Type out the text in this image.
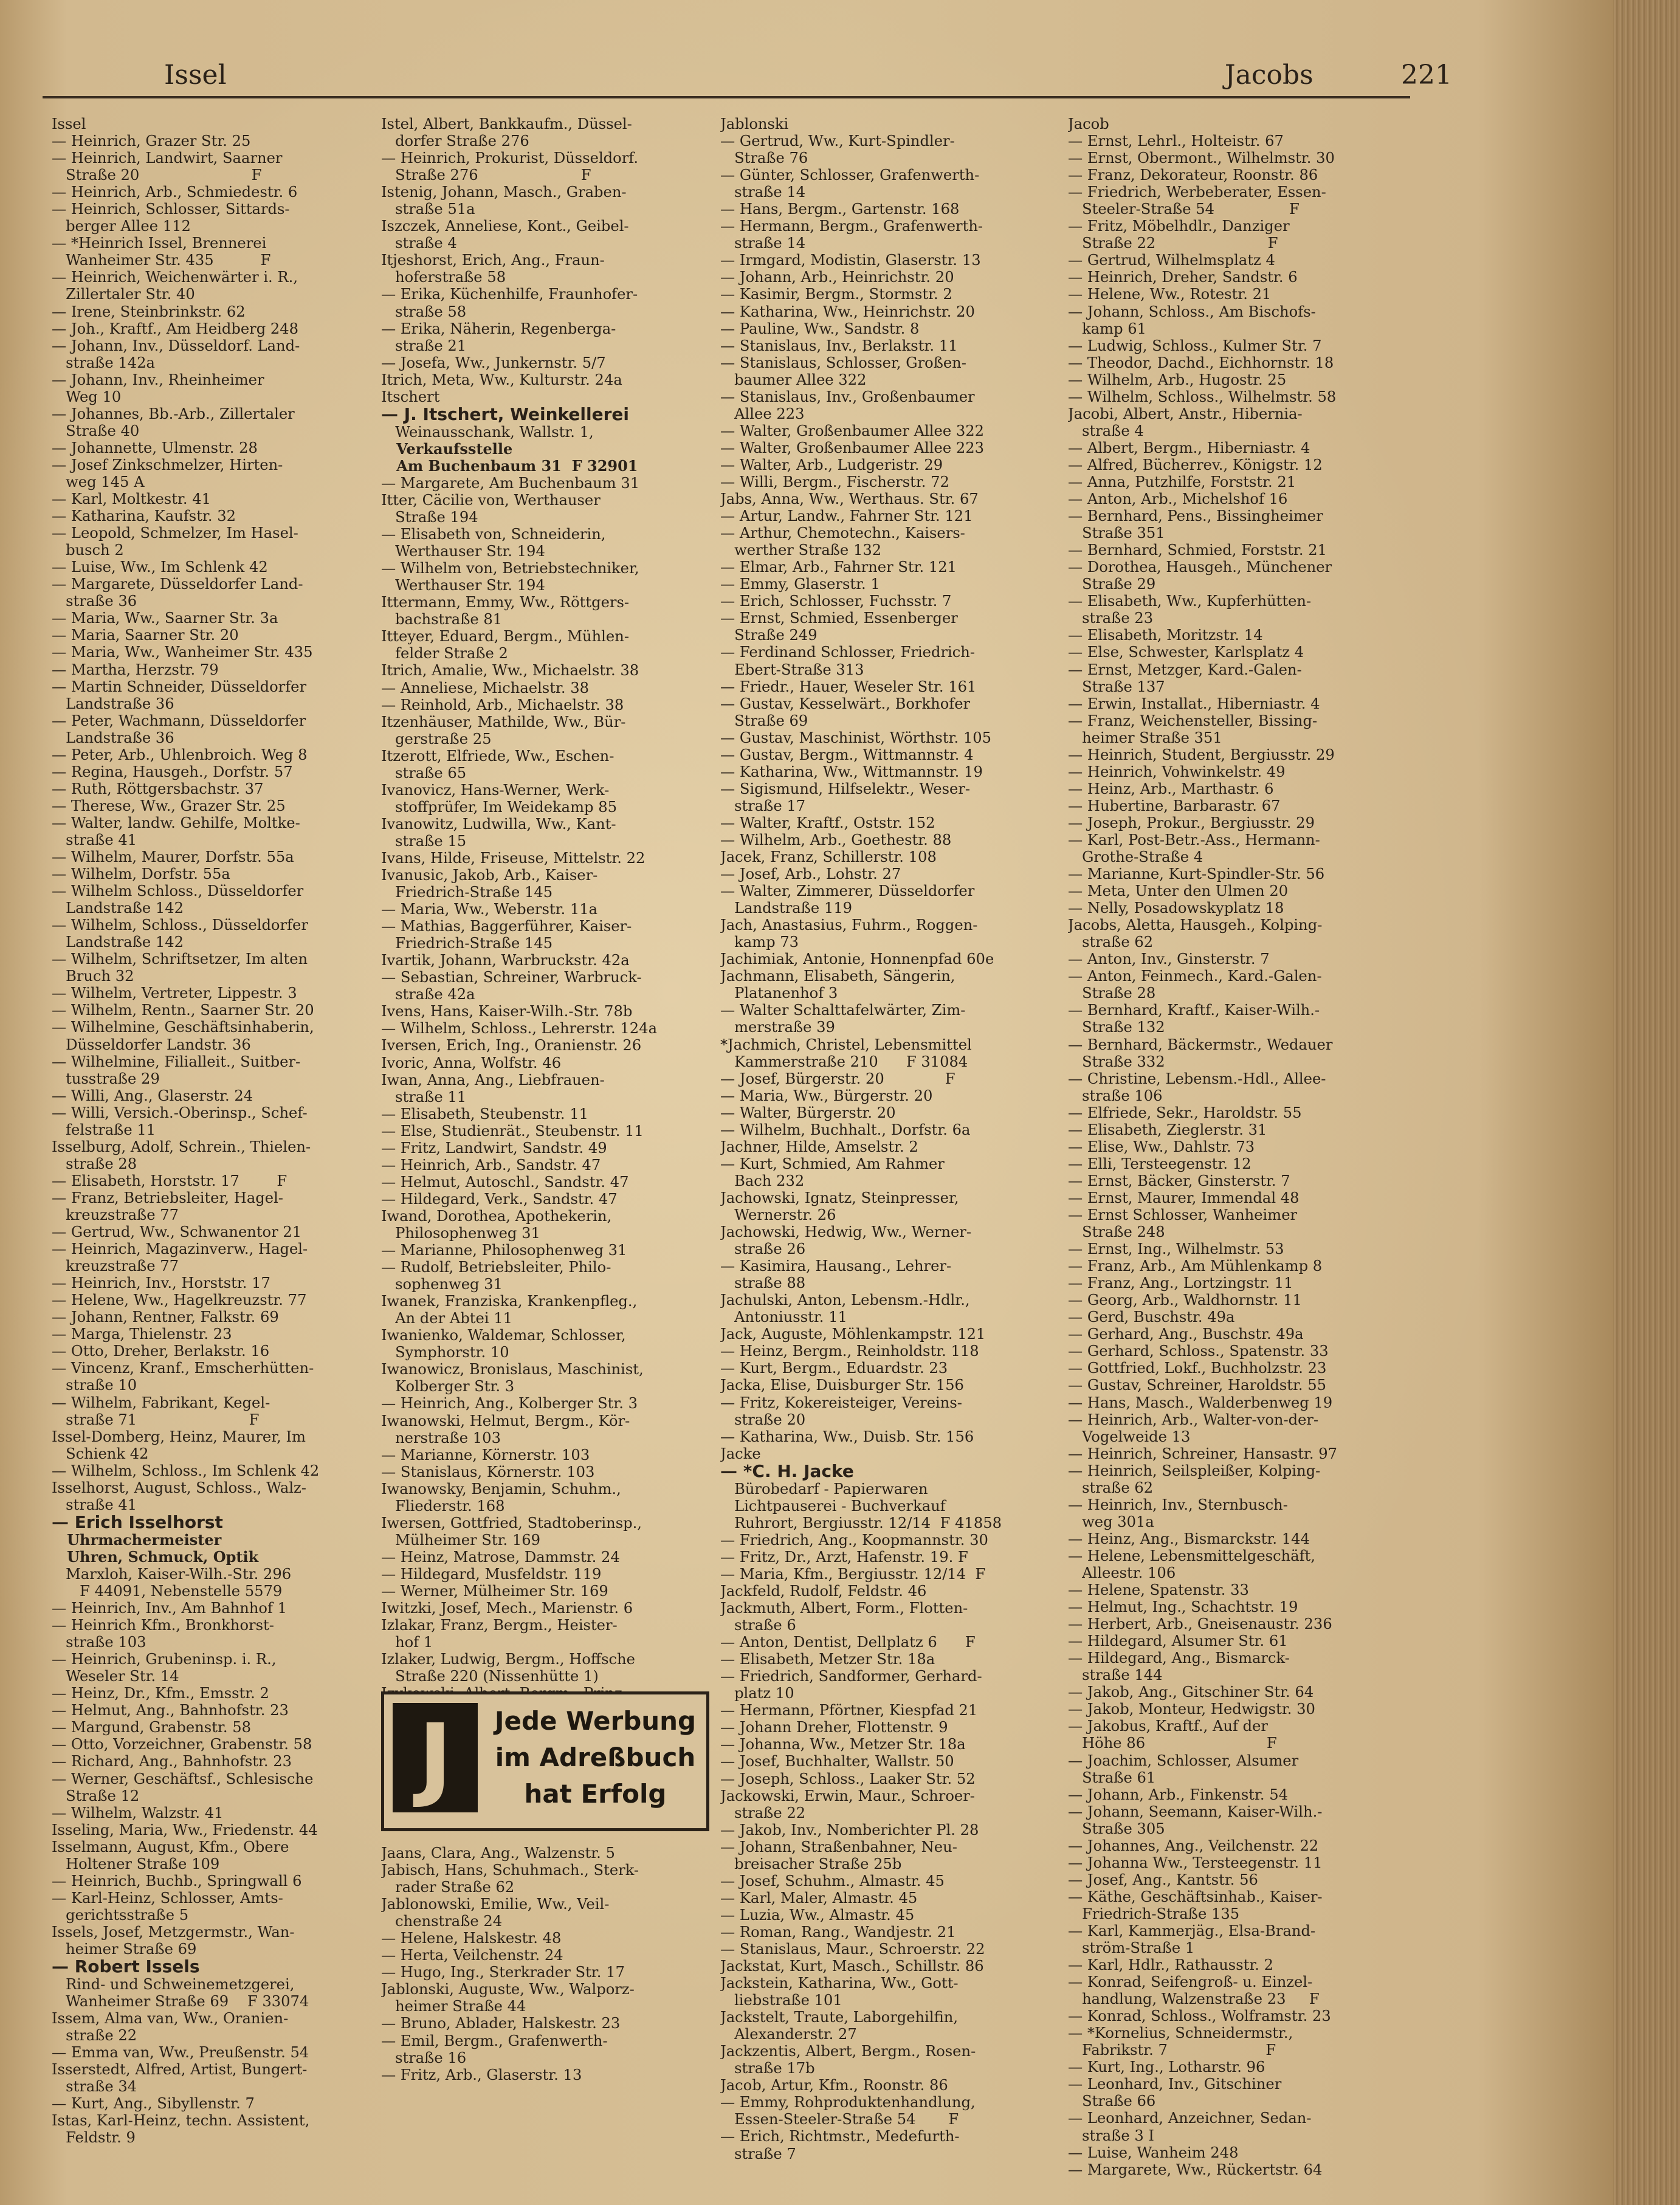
Issel	Jacobs	221
Issel
— Heinrich, Grazer Str. 25
— Heinrich, Landwirt, Saarner
Straße 20                        F
— Heinrich, Arb., Schmiedestr. 6
— Heinrich, Schlosser, Sittards-
berger Allee 112
— *Heinrich Issel, Brennerei
Wanheimer Str. 435          F
— Heinrich, Weichenwärter i. R.,
Zillertaler Str. 40
— Irene, Steinbrinkstr. 62
— Joh., Kraftf., Am Heidberg 248
— Johann, Inv., Düsseldorf. Land-
straße 142a
— Johann, Inv., Rheinheimer
Weg 10
— Johannes, Bb.-Arb., Zillertaler
Straße 40
— Johannette, Ulmenstr. 28
— Josef Zinkschmelzer, Hirten-
weg 145 A
— Karl, Moltkestr. 41
— Katharina, Kaufstr. 32
— Leopold, Schmelzer, Im Hasel-
busch 2
— Luise, Ww., Im Schlenk 42
— Margarete, Düsseldorfer Land-
straße 36
— Maria, Ww., Saarner Str. 3a
— Maria, Saarner Str. 20
— Maria, Ww., Wanheimer Str. 435
— Martha, Herzstr. 79
— Martin Schneider, Düsseldorfer
Landstraße 36
— Peter, Wachmann, Düsseldorfer
Landstraße 36
— Peter, Arb., Uhlenbroich. Weg 8
— Regina, Hausgeh., Dorfstr. 57
— Ruth, Röttgersbachstr. 37
— Therese, Ww., Grazer Str. 25
— Walter, landw. Gehilfe, Moltke-
straße 41
— Wilhelm, Maurer, Dorfstr. 55a
— Wilhelm, Dorfstr. 55a
— Wilhelm Schloss., Düsseldorfer
Landstraße 142
— Wilhelm, Schloss., Düsseldorfer
Landstraße 142
— Wilhelm, Schriftsetzer, Im alten
Bruch 32
— Wilhelm, Vertreter, Lippestr. 3
— Wilhelm, Rentn., Saarner Str. 20
— Wilhelmine, Geschäftsinhaberin,
Düsseldorfer Landstr. 36
— Wilhelmine, Filialleit., Suitber-
tusstraße 29
— Willi, Ang., Glaserstr. 24
— Willi, Versich.-Oberinsp., Schef-
felstraße 11
Isselburg, Adolf, Schrein., Thielen-
straße 28
— Elisabeth, Horststr. 17        F
— Franz, Betriebsleiter, Hagel-
kreuzstraße 77
— Gertrud, Ww., Schwanentor 21
— Heinrich, Magazinverw., Hagel-
kreuzstraße 77
— Heinrich, Inv., Horststr. 17
— Helene, Ww., Hagelkreuzstr. 77
— Johann, Rentner, Falkstr. 69
— Marga, Thielenstr. 23
— Otto, Dreher, Berlakstr. 16
— Vincenz, Kranf., Emscherhütten-
straße 10
— Wilhelm, Fabrikant, Kegel-
straße 71                        F
Issel-Domberg, Heinz, Maurer, Im
Schienk 42
— Wilhelm, Schloss., Im Schlenk 42
Isselhorst, August, Schloss., Walz-
straße 41
— Erich Isselhorst
Uhrmachermeister
Uhren, Schmuck, Optik
Marxloh, Kaiser-Wilh.-Str. 296
F 44091, Nebenstelle 5579
— Heinrich, Inv., Am Bahnhof 1
— Heinrich Kfm., Bronkhorst-
straße 103
— Heinrich, Grubeninsp. i. R.,
Weseler Str. 14
— Heinz, Dr., Kfm., Emsstr. 2
— Helmut, Ang., Bahnhofstr. 23
— Margund, Grabenstr. 58
— Otto, Vorzeichner, Grabenstr. 58
— Richard, Ang., Bahnhofstr. 23
— Werner, Geschäftsf., Schlesische
Straße 12
— Wilhelm, Walzstr. 41
Isseling, Maria, Ww., Friedenstr. 44
Isselmann, August, Kfm., Obere
Holtener Straße 109
— Heinrich, Buchb., Springwall 6
— Karl-Heinz, Schlosser, Amts-
gerichtsstraße 5
Issels, Josef, Metzgermstr., Wan-
heimer Straße 69
— Robert Issels
Rind- und Schweinemetzgerei,
Wanheimer Straße 69    F 33074
Issem, Alma van, Ww., Oranien-
straße 22
— Emma van, Ww., Preußenstr. 54
Isserstedt, Alfred, Artist, Bungert-
straße 34
— Kurt, Ang., Sibyllenstr. 7
Istas, Karl-Heinz, techn. Assistent,
Feldstr. 9
Istel, Albert, Bankkaufm., Düssel-
dorfer Straße 276
— Heinrich, Prokurist, Düsseldorf.
Straße 276                      F
Istenig, Johann, Masch., Graben-
straße 51a
Iszczek, Anneliese, Kont., Geibel-
straße 4
Itjeshorst, Erich, Ang., Fraun-
hoferstraße 58
— Erika, Küchenhilfe, Fraunhofer-
straße 58
— Erika, Näherin, Regenberga-
straße 21
— Josefa, Ww., Junkernstr. 5/7
Itrich, Meta, Ww., Kulturstr. 24a
Itschert
— J. Itschert, Weinkellerei
Weinausschank, Wallstr. 1,
Verkaufsstelle
Am Buchenbaum 31  F 32901
— Margarete, Am Buchenbaum 31
Itter, Cäcilie von, Werthauser
Straße 194
— Elisabeth von, Schneiderin,
Werthauser Str. 194
— Wilhelm von, Betriebstechniker,
Werthauser Str. 194
Ittermann, Emmy, Ww., Röttgers-
bachstraße 81
Itteyer, Eduard, Bergm., Mühlen-
felder Straße 2
Itrich, Amalie, Ww., Michaelstr. 38
— Anneliese, Michaelstr. 38
— Reinhold, Arb., Michaelstr. 38
Itzenhäuser, Mathilde, Ww., Bür-
gerstraße 25
Itzerott, Elfriede, Ww., Eschen-
straße 65
Ivanovicz, Hans-Werner, Werk-
stoffprüfer, Im Weidekamp 85
Ivanowitz, Ludwilla, Ww., Kant-
straße 15
Ivans, Hilde, Friseuse, Mittelstr. 22
Ivanusic, Jakob, Arb., Kaiser-
Friedrich-Straße 145
— Maria, Ww., Weberstr. 11a
— Mathias, Baggerführer, Kaiser-
Friedrich-Straße 145
Ivartik, Johann, Warbruckstr. 42a
— Sebastian, Schreiner, Warbruck-
straße 42a
Ivens, Hans, Kaiser-Wilh.-Str. 78b
— Wilhelm, Schloss., Lehrerstr. 124a
Iversen, Erich, Ing., Oranienstr. 26
Ivoric, Anna, Wolfstr. 46
Iwan, Anna, Ang., Liebfrauen-
straße 11
— Elisabeth, Steubenstr. 11
— Else, Studienrät., Steubenstr. 11
— Fritz, Landwirt, Sandstr. 49
— Heinrich, Arb., Sandstr. 47
— Helmut, Autoschl., Sandstr. 47
— Hildegard, Verk., Sandstr. 47
Iwand, Dorothea, Apothekerin,
Philosophenweg 31
— Marianne, Philosophenweg 31
— Rudolf, Betriebsleiter, Philo-
sophenweg 31
Iwanek, Franziska, Krankenpfleg.,
An der Abtei 11
Iwanienko, Waldemar, Schlosser,
Symphorstr. 10
Iwanowicz, Bronislaus, Maschinist,
Kolberger Str. 3
— Heinrich, Ang., Kolberger Str. 3
Iwanowski, Helmut, Bergm., Kör-
nerstraße 103
— Marianne, Körnerstr. 103
— Stanislaus, Körnerstr. 103
Iwanowsky, Benjamin, Schuhm.,
Fliederstr. 168
Iwersen, Gottfried, Stadtoberinsp.,
Mülheimer Str. 169
— Heinz, Matrose, Dammstr. 24
— Hildegard, Musfeldstr. 119
— Werner, Mülheimer Str. 169
Iwitzki, Josef, Mech., Marienstr. 6
Izlakar, Franz, Bergm., Heister-
hof 1
Izlaker, Ludwig, Bergm., Hoffsche
Straße 220 (Nissenhütte 1)
Jaans, Clara, Ang., Walzenstr. 5
Jabisch, Hans, Schuhmach., Sterk-
rader Straße 62
Jablonowski, Emilie, Ww., Veil-
chenstraße 24
— Helene, Halskestr. 48
— Herta, Veilchenstr. 24
— Hugo, Ing., Sterkrader Str. 17
Jablonski, Auguste, Ww., Walporz-
heimer Straße 44
— Bruno, Ablader, Halskestr. 23
— Emil, Bergm., Grafenwerth-
straße 16
— Fritz, Arb., Glaserstr. 13
Jablonski
— Gertrud, Ww., Kurt-Spindler-
Straße 76
— Günter, Schlosser, Grafenwerth-
straße 14
— Hans, Bergm., Gartenstr. 168
— Hermann, Bergm., Grafenwerth-
straße 14
— Irmgard, Modistin, Glaserstr. 13
— Johann, Arb., Heinrichstr. 20
— Kasimir, Bergm., Stormstr. 2
— Katharina, Ww., Heinrichstr. 20
— Pauline, Ww., Sandstr. 8
— Stanislaus, Inv., Berlakstr. 11
— Stanislaus, Schlosser, Großen-
baumer Allee 322
— Stanislaus, Inv., Großenbaumer
Allee 223
— Walter, Großenbaumer Allee 322
— Walter, Großenbaumer Allee 223
— Walter, Arb., Ludgeristr. 29
— Willi, Bergm., Fischerstr. 72
Jabs, Anna, Ww., Werthaus. Str. 67
— Artur, Landw., Fahrner Str. 121
— Arthur, Chemotechn., Kaisers-
werther Straße 132
— Elmar, Arb., Fahrner Str. 121
— Emmy, Glaserstr. 1
— Erich, Schlosser, Fuchsstr. 7
— Ernst, Schmied, Essenberger
Straße 249
— Ferdinand Schlosser, Friedrich-
Ebert-Straße 313
— Friedr., Hauer, Weseler Str. 161
— Gustav, Kesselwärt., Borkhofer
Straße 69
— Gustav, Maschinist, Wörthstr. 105
— Gustav, Bergm., Wittmannstr. 4
— Katharina, Ww., Wittmannstr. 19
— Sigismund, Hilfselektr., Weser-
straße 17
— Walter, Kraftf., Oststr. 152
— Wilhelm, Arb., Goethestr. 88
Jacek, Franz, Schillerstr. 108
— Josef, Arb., Lohstr. 27
— Walter, Zimmerer, Düsseldorfer
Landstraße 119
Jach, Anastasius, Fuhrm., Roggen-
kamp 73
Jachimiak, Antonie, Honnenpfad 60e
Jachmann, Elisabeth, Sängerin,
Platanenhof 3
— Walter Schalttafelwärter, Zim-
merstraße 39
*Jachmich, Christel, Lebensmittel
Kammerstraße 210      F 31084
— Josef, Bürgerstr. 20             F
— Maria, Ww., Bürgerstr. 20
— Walter, Bürgerstr. 20
— Wilhelm, Buchhalt., Dorfstr. 6a
Jachner, Hilde, Amselstr. 2
— Kurt, Schmied, Am Rahmer
Bach 232
Jachowski, Ignatz, Steinpresser,
Wernerstr. 26
Jachowski, Hedwig, Ww., Werner-
straße 26
— Kasimira, Hausang., Lehrer-
straße 88
Jachulski, Anton, Lebensm.-Hdlr.,
Antoniusstr. 11
Jack, Auguste, Möhlenkampstr. 121
— Heinz, Bergm., Reinholdstr. 118
— Kurt, Bergm., Eduardstr. 23
Jacka, Elise, Duisburger Str. 156
— Fritz, Kokereisteiger, Vereins-
straße 20
— Katharina, Ww., Duisb. Str. 156
Jacke
— *C. H. Jacke
Bürobedarf - Papierwaren
Lichtpauserei - Buchverkauf
Ruhrort, Bergiusstr. 12/14  F 41858
— Friedrich, Ang., Koopmannstr. 30
— Fritz, Dr., Arzt, Hafenstr. 19. F
— Maria, Kfm., Bergiusstr. 12/14  F
Jackfeld, Rudolf, Feldstr. 46
Jackmuth, Albert, Form., Flotten-
straße 6
— Anton, Dentist, Dellplatz 6      F
— Elisabeth, Metzer Str. 18a
— Friedrich, Sandformer, Gerhard-
platz 10
— Hermann, Pförtner, Kiespfad 21
— Johann Dreher, Flottenstr. 9
— Johanna, Ww., Metzer Str. 18a
— Josef, Buchhalter, Wallstr. 50
— Joseph, Schloss., Laaker Str. 52
Jackowski, Erwin, Maur., Schroer-
straße 22
— Jakob, Inv., Nomberichter Pl. 28
— Johann, Straßenbahner, Neu-
breisacher Straße 25b
— Josef, Schuhm., Almastr. 45
— Karl, Maler, Almastr. 45
— Luzia, Ww., Almastr. 45
— Roman, Rang., Wandjestr. 21
— Stanislaus, Maur., Schroerstr. 22
Jackstat, Kurt, Masch., Schillstr. 86
Jackstein, Katharina, Ww., Gott-
liebstraße 101
Jackstelt, Traute, Laborgehilfin,
Alexanderstr. 27
Jackzentis, Albert, Bergm., Rosen-
straße 17b
Jacob, Artur, Kfm., Roonstr. 86
— Emmy, Rohproduktenhandlung,
Essen-Steeler-Straße 54       F
— Erich, Richtmstr., Medefurth-
straße 7
Jacob
— Ernst, Lehrl., Holteistr. 67
— Ernst, Obermont., Wilhelmstr. 30
— Franz, Dekorateur, Roonstr. 86
— Friedrich, Werbeberater, Essen-
Steeler-Straße 54                F
— Fritz, Möbelhdlr., Danziger
Straße 22                        F
— Gertrud, Wilhelmsplatz 4
— Heinrich, Dreher, Sandstr. 6
— Helene, Ww., Rotestr. 21
— Johann, Schloss., Am Bischofs-
kamp 61
— Ludwig, Schloss., Kulmer Str. 7
— Theodor, Dachd., Eichhornstr. 18
— Wilhelm, Arb., Hugostr. 25
— Wilhelm, Schloss., Wilhelmstr. 58
Jacobi, Albert, Anstr., Hibernia-
straße 4
— Albert, Bergm., Hiberniastr. 4
— Alfred, Bücherrev., Königstr. 12
— Anna, Putzhilfe, Forststr. 21
— Anton, Arb., Michelshof 16
— Bernhard, Pens., Bissingheimer
Straße 351
— Bernhard, Schmied, Forststr. 21
— Dorothea, Hausgeh., Münchener
Straße 29
— Elisabeth, Ww., Kupferhütten-
straße 23
— Elisabeth, Moritzstr. 14
— Else, Schwester, Karlsplatz 4
— Ernst, Metzger, Kard.-Galen-
Straße 137
— Erwin, Installat., Hiberniastr. 4
— Franz, Weichensteller, Bissing-
heimer Straße 351
— Heinrich, Student, Bergiusstr. 29
— Heinrich, Vohwinkelstr. 49
— Heinz, Arb., Marthastr. 6
— Hubertine, Barbarastr. 67
— Joseph, Prokur., Bergiusstr. 29
— Karl, Post-Betr.-Ass., Hermann-
Grothe-Straße 4
— Marianne, Kurt-Spindler-Str. 56
— Meta, Unter den Ulmen 20
— Nelly, Posadowskyplatz 18
Jacobs, Aletta, Hausgeh., Kolping-
straße 62
— Anton, Inv., Ginsterstr. 7
— Anton, Feinmech., Kard.-Galen-
Straße 28
— Bernhard, Kraftf., Kaiser-Wilh.-
Straße 132
— Bernhard, Bäckermstr., Wedauer
Straße 332
— Christine, Lebensm.-Hdl., Allee-
straße 106
— Elfriede, Sekr., Haroldstr. 55
— Elisabeth, Zieglerstr. 31
— Elise, Ww., Dahlstr. 73
— Elli, Tersteegenstr. 12
— Ernst, Bäcker, Ginsterstr. 7
— Ernst, Maurer, Immendal 48
— Ernst Schlosser, Wanheimer
Straße 248
— Ernst, Ing., Wilhelmstr. 53
— Franz, Arb., Am Mühlenkamp 8
— Franz, Ang., Lortzingstr. 11
— Georg, Arb., Waldhornstr. 11
— Gerd, Buschstr. 49a
— Gerhard, Ang., Buschstr. 49a
— Gerhard, Schloss., Spatenstr. 33
— Gottfried, Lokf., Buchholzstr. 23
— Gustav, Schreiner, Haroldstr. 55
— Hans, Masch., Walderbenweg 19
— Heinrich, Arb., Walter-von-der-
Vogelweide 13
— Heinrich, Schreiner, Hansastr. 97
— Heinrich, Seilspleißer, Kolping-
straße 62
— Heinrich, Inv., Sternbusch-
weg 301a
— Heinz, Ang., Bismarckstr. 144
— Helene, Lebensmittelgeschäft,
Alleestr. 106
— Helene, Spatenstr. 33
— Helmut, Ing., Schachtstr. 19
— Herbert, Arb., Gneisenaustr. 236
— Hildegard, Alsumer Str. 61
— Hildegard, Ang., Bismarck-
straße 144
— Jakob, Ang., Gitschiner Str. 64
— Jakob, Monteur, Hedwigstr. 30
— Jakobus, Kraftf., Auf der
Höhe 86                          F
— Joachim, Schlosser, Alsumer
Straße 61
— Johann, Arb., Finkenstr. 54
— Johann, Seemann, Kaiser-Wilh.-
Straße 305
— Johannes, Ang., Veilchenstr. 22
— Johanna Ww., Tersteegenstr. 11
— Josef, Ang., Kantstr. 56
— Käthe, Geschäftsinhab., Kaiser-
Friedrich-Straße 135
— Karl, Kammerjäg., Elsa-Brand-
ström-Straße 1
— Karl, Hdlr., Rathausstr. 2
— Konrad, Seifengroß- u. Einzel-
handlung, Walzenstraße 23     F
— Konrad, Schloss., Wolframstr. 23
— *Kornelius, Schneidermstr.,
Fabrikstr. 7                     F
— Kurt, Ing., Lotharstr. 96
— Leonhard, Inv., Gitschiner
Straße 66
— Leonhard, Anzeichner, Sedan-
straße 3 I
— Luise, Wanheim 248
— Margarete, Ww., Rückertstr. 64
J	Jede Werbung
im Adreßbuch
hat Erfolg
